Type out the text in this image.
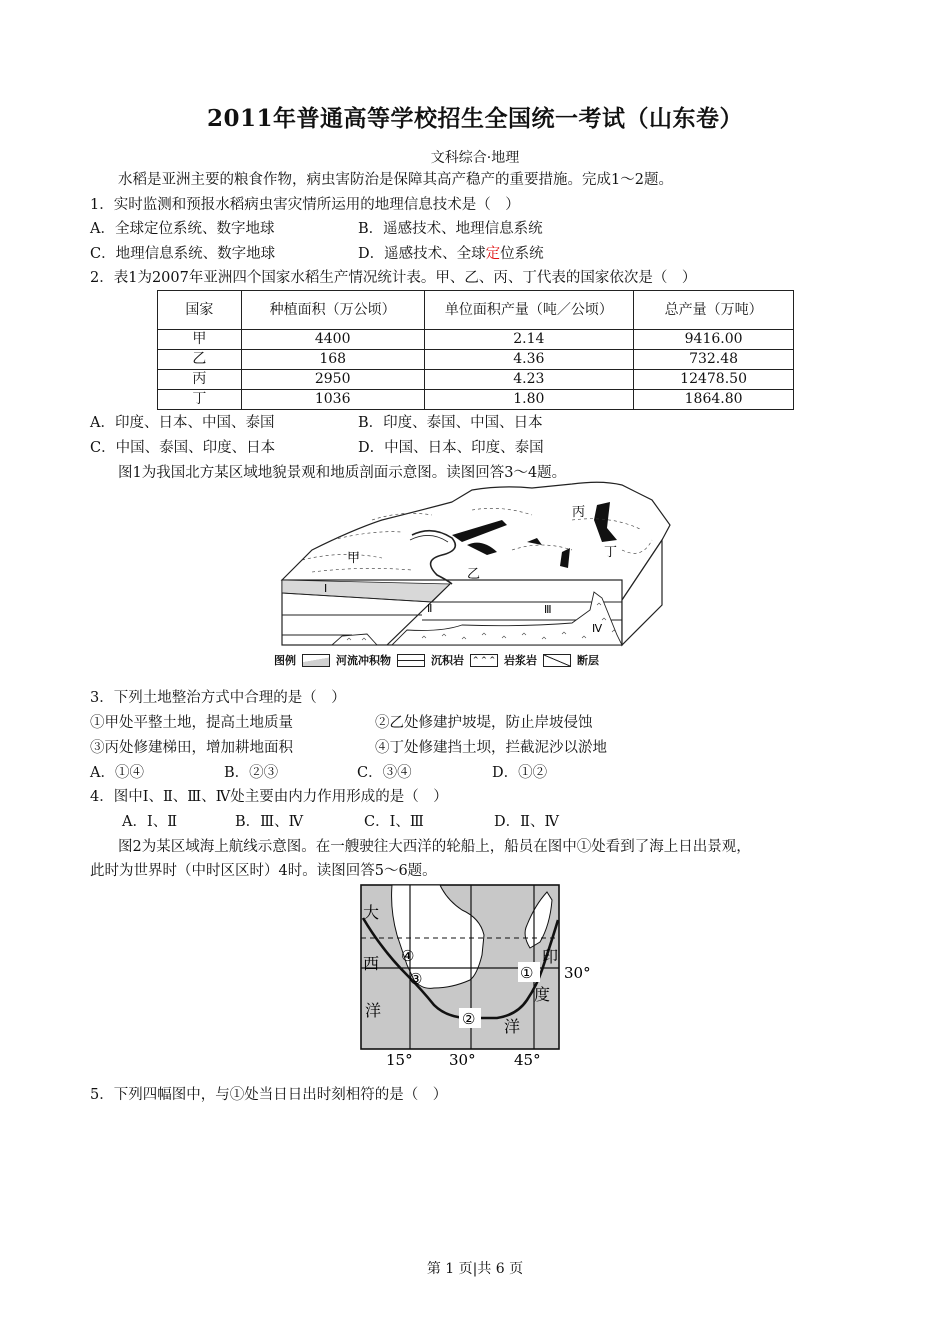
2011年普通高等学校招生全国统一考试（山东卷）
文科综合·地理
水稻是亚洲主要的粮食作物，病虫害防治是保障其高产稳产的重要措施。完成1～2题。
1．实时监测和预报水稻病虫害灾情所运用的地理信息技术是（　）
A．全球定位系统、数字地球	B．遥感技术、地理信息系统
C．地理信息系统、数字地球	D．遥感技术、全球定位系统
2．表1为2007年亚洲四个国家水稻生产情况统计表。甲、乙、丙、丁代表的国家依次是（　）
国家	种植面积（万公顷）	单位面积产量（吨／公顷）	总产量（万吨）
甲	4400	2.14	9416.00
乙	168	4.36	732.48
丙	2950	4.23	12478.50
丁	1036	1.80	1864.80
A．印度、日本、中国、泰国	B．印度、泰国、中国、日本
C．中国、泰国、印度、日本	D．中国、日本、印度、泰国
图1为我国北方某区域地貌景观和地质剖面示意图。读图回答3～4题。
甲
乙
丙
丁
Ⅰ
Ⅱ	Ⅲ
Ⅳ
图例	河流冲积物	沉积岩	^ ^ ^ 岩浆岩	断层
3．下列土地整治方式中合理的是（　）
①甲处平整土地，提高土地质量	②乙处修建护坡堤，防止岸坡侵蚀
③丙处修建梯田，增加耕地面积	④丁处修建挡土坝，拦截泥沙以淤地
A．①④	B．②③	C．③④	D．①②
4．图中Ⅰ、Ⅱ、Ⅲ、Ⅳ处主要由内力作用形成的是（　）
A．Ⅰ、Ⅱ	B．Ⅲ、Ⅳ	C．Ⅰ、Ⅲ	D．Ⅱ、Ⅳ
图2为某区域海上航线示意图。在一艘驶往大西洋的轮船上，船员在图中①处看到了海上日出景观，
此时为世界时（中时区区时）4时。读图回答5～6题。
①
②
③
④
大
西
洋
印
度
洋
30°
15° 30°	45°
5．下列四幅图中，与①处当日日出时刻相符的是（　）
第 1 页|共 6 页
